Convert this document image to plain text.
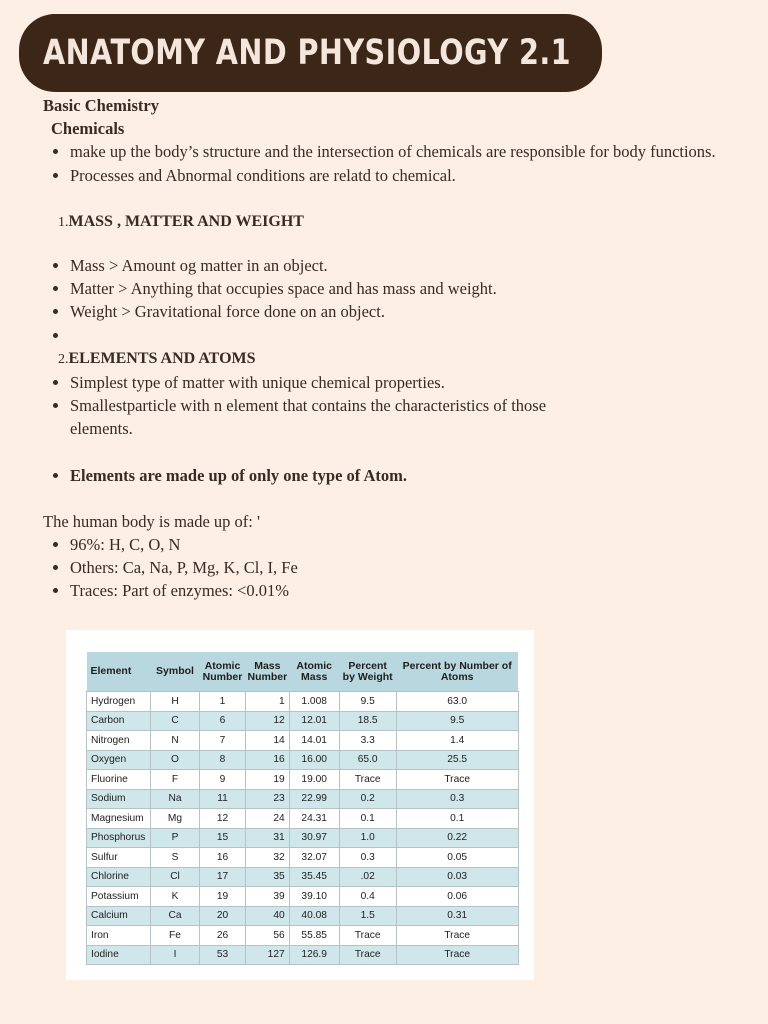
ANATOMY AND PHYSIOLOGY 2.1
Basic Chemistry
Chemicals
• make up the body’s structure and the intersection of chemicals are responsible for body functions.
• Processes and Abnormal conditions are relatd to chemical.
1.MASS , MATTER AND WEIGHT
• Mass > Amount og matter in an object.
• Matter > Anything that occupies space and has mass and weight.
• Weight > Gravitational force done on an object.
•
2.ELEMENTS AND ATOMS
• Simplest type of matter with unique chemical properties.
• Smallestparticle with n element that contains the characteristics of those elements.
• Elements are made up of only one type of Atom.
The human body is made up of: '
• 96%: H, C, O, N
• Others: Ca, Na, P, Mg, K, Cl, I, Fe
• Traces: Part of enzymes: <0.01%
Element	Symbol	Atomic Number	Mass Number	Atomic Mass	Percent by Weight	Percent by Number of Atoms
Hydrogen	H	1	1	1.008	9.5	63.0
Carbon	C	6	12	12.01	18.5	9.5
Nitrogen	N	7	14	14.01	3.3	1.4
Oxygen	O	8	16	16.00	65.0	25.5
Fluorine	F	9	19	19.00	Trace	Trace
Sodium	Na	11	23	22.99	0.2	0.3
Magnesium	Mg	12	24	24.31	0.1	0.1
Phosphorus	P	15	31	30.97	1.0	0.22
Sulfur	S	16	32	32.07	0.3	0.05
Chlorine	Cl	17	35	35.45	.02	0.03
Potassium	K	19	39	39.10	0.4	0.06
Calcium	Ca	20	40	40.08	1.5	0.31
Iron	Fe	26	56	55.85	Trace	Trace
Iodine	I	53	127	126.9	Trace	Trace
